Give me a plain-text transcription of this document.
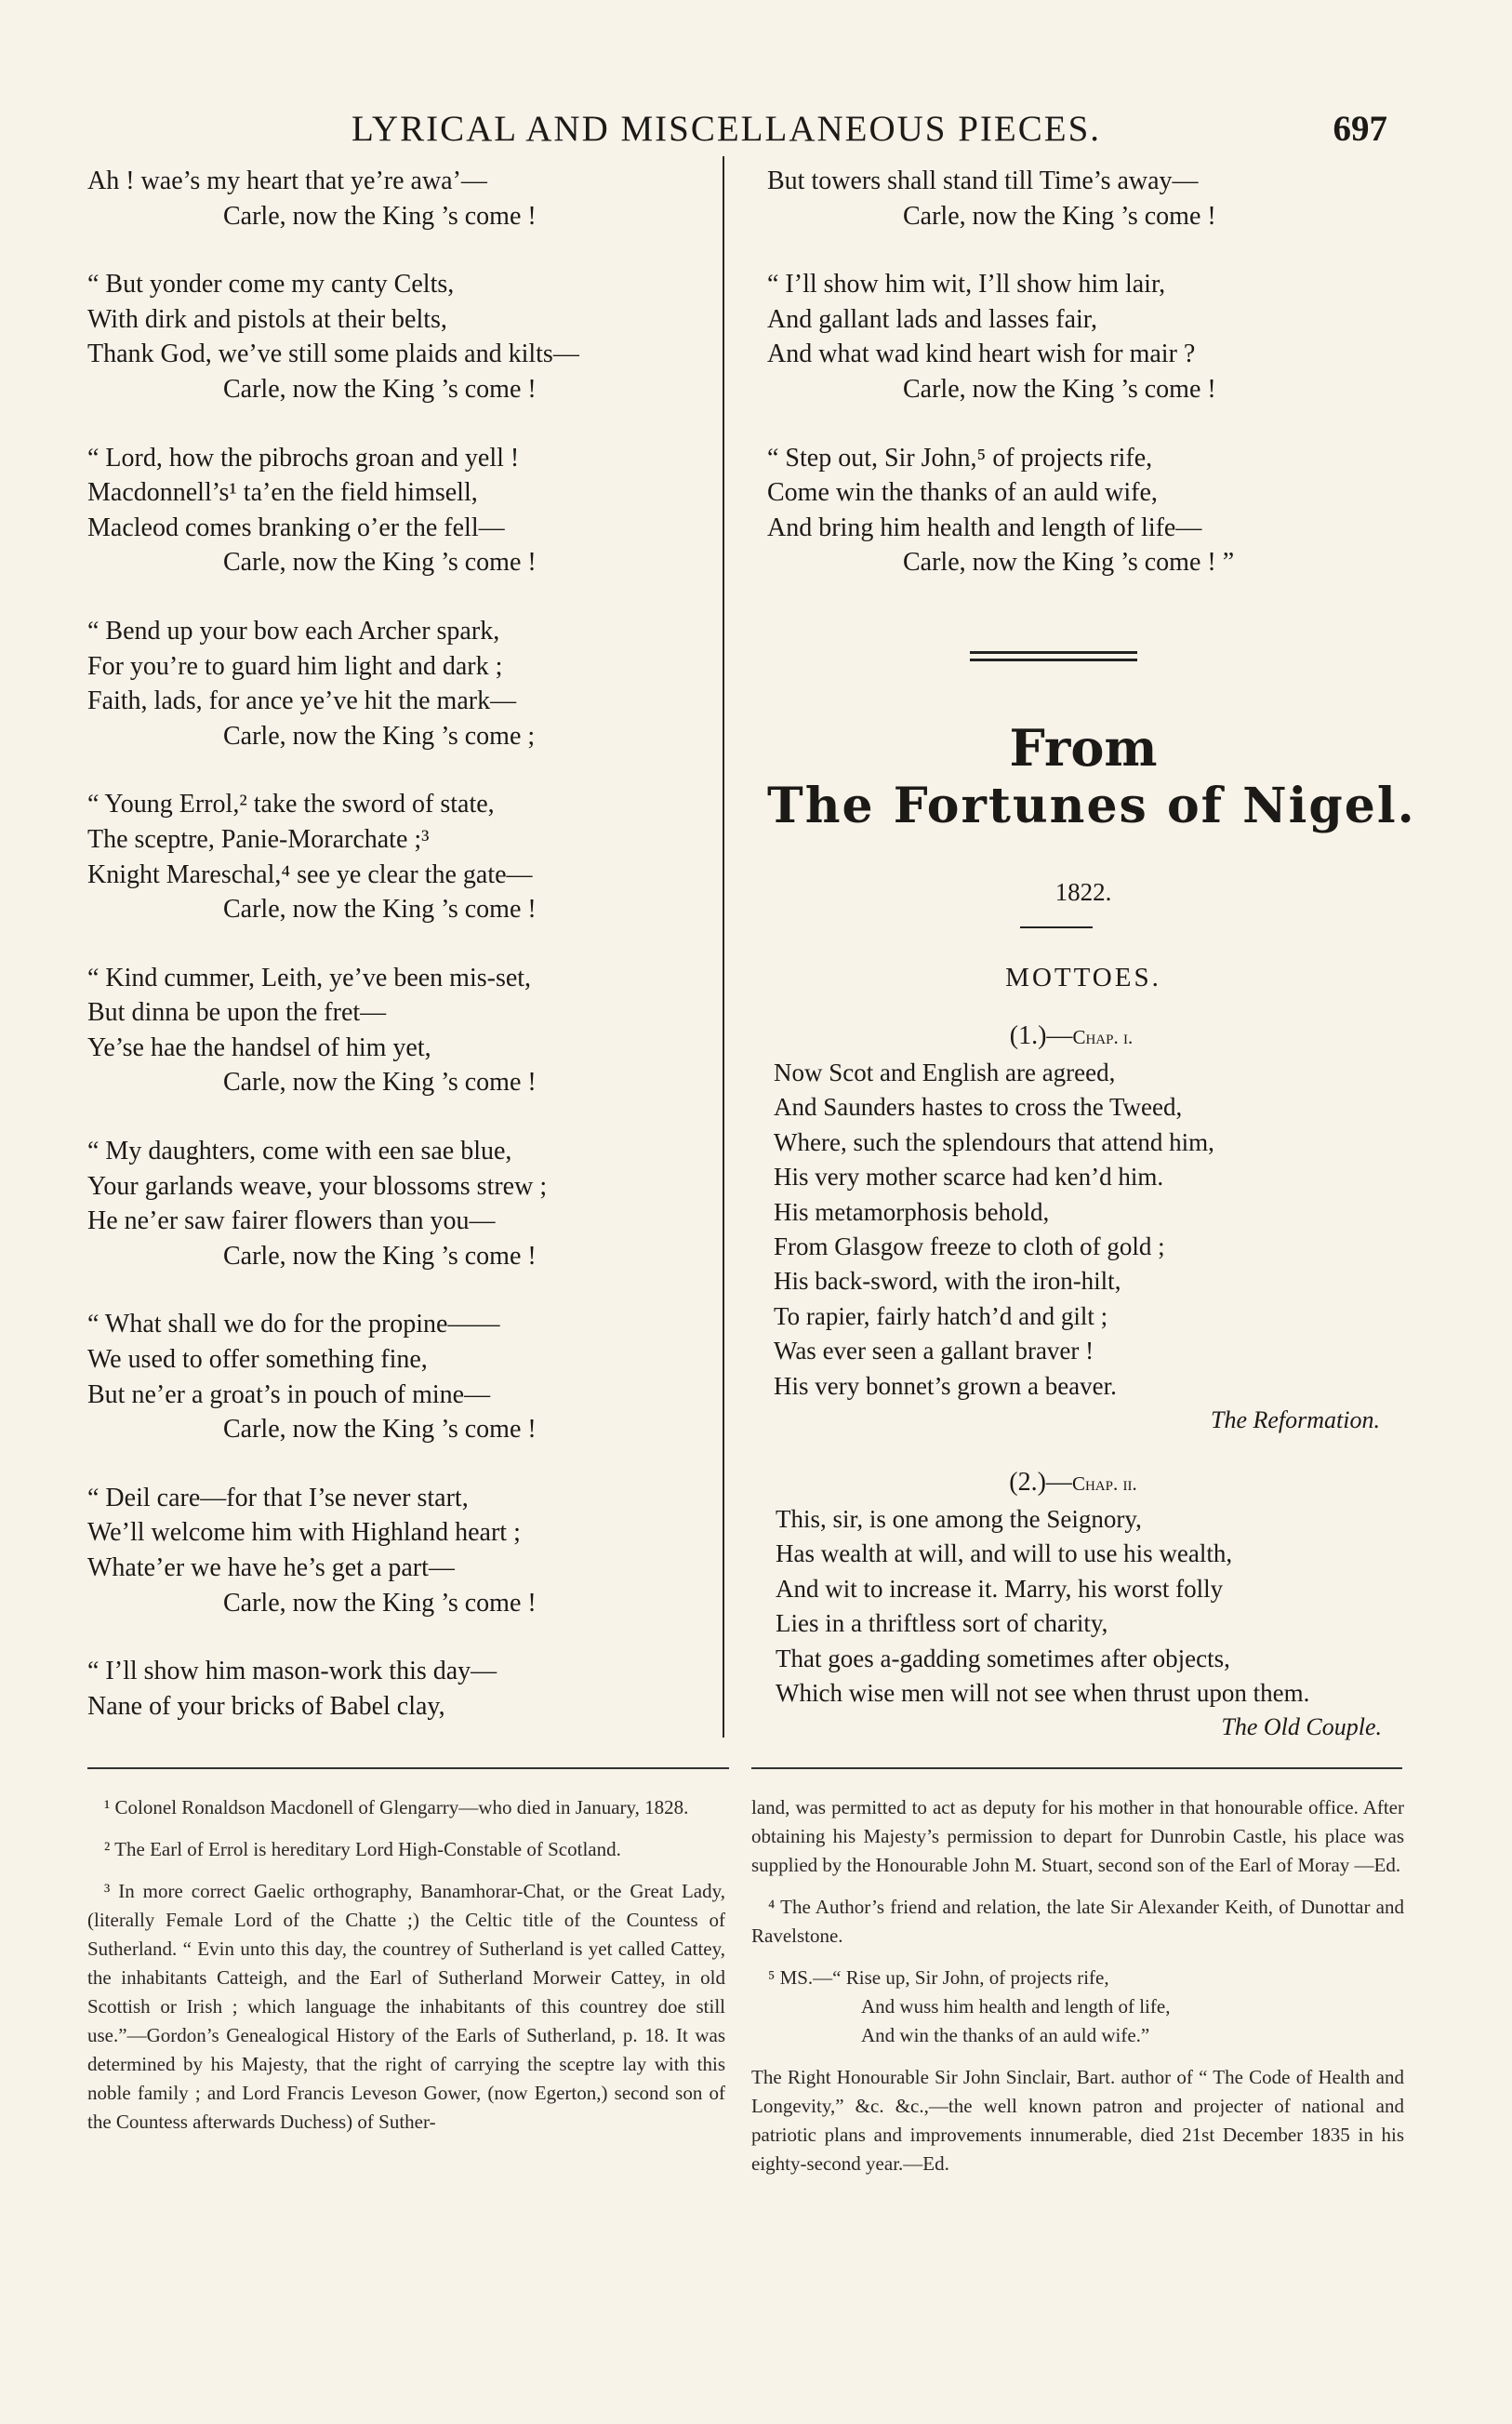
LYRICAL AND MISCELLANEOUS PIECES.	697
Ah ! wae’s my heart that ye’re awa’—
Carle, now the King ’s come !
“ But yonder come my canty Celts,
With dirk and pistols at their belts,
Thank God, we’ve still some plaids and kilts—
Carle, now the King ’s come !
“ Lord, how the pibrochs groan and yell !
Macdonnell’s¹ ta’en the field himsell,
Macleod comes branking o’er the fell—
Carle, now the King ’s come !
“ Bend up your bow each Archer spark,
For you’re to guard him light and dark ;
Faith, lads, for ance ye’ve hit the mark—
Carle, now the King ’s come ;
“ Young Errol,² take the sword of state,
The sceptre, Panie-Morarchate ;³
Knight Mareschal,⁴ see ye clear the gate—
Carle, now the King ’s come !
“ Kind cummer, Leith, ye’ve been mis-set,
But dinna be upon the fret—
Ye’se hae the handsel of him yet,
Carle, now the King ’s come !
“ My daughters, come with een sae blue,
Your garlands weave, your blossoms strew ;
He ne’er saw fairer flowers than you—
Carle, now the King ’s come !
“ What shall we do for the propine——
We used to offer something fine,
But ne’er a groat’s in pouch of mine—
Carle, now the King ’s come !
“ Deil care—for that I’se never start,
We’ll welcome him with Highland heart ;
Whate’er we have he’s get a part—
Carle, now the King ’s come !
“ I’ll show him mason-work this day—
Nane of your bricks of Babel clay,
But towers shall stand till Time’s away—
Carle, now the King ’s come !
“ I’ll show him wit, I’ll show him lair,
And gallant lads and lasses fair,
And what wad kind heart wish for mair ?
Carle, now the King ’s come !
“ Step out, Sir John,⁵ of projects rife,
Come win the thanks of an auld wife,
And bring him health and length of life—
Carle, now the King ’s come ! ”
From
The Fortunes of Nigel.
1822.
MOTTOES.
(1.)—Chap. i.
Now Scot and English are agreed,
And Saunders hastes to cross the Tweed,
Where, such the splendours that attend him,
His very mother scarce had ken’d him.
His metamorphosis behold,
From Glasgow freeze to cloth of gold ;
His back-sword, with the iron-hilt,
To rapier, fairly hatch’d and gilt ;
Was ever seen a gallant braver !
His very bonnet’s grown a beaver.
The Reformation.
(2.)—Chap. ii.
This, sir, is one among the Seignory,
Has wealth at will, and will to use his wealth,
And wit to increase it. Marry, his worst folly
Lies in a thriftless sort of charity,
That goes a-gadding sometimes after objects,
Which wise men will not see when thrust upon them.
The Old Couple.

¹ Colonel Ronaldson Macdonell of Glengarry—who died in January, 1828.

² The Earl of Errol is hereditary Lord High-Constable of Scotland.

³ In more correct Gaelic orthography, Banamhorar-Chat, or the Great Lady, (literally Female Lord of the Chatte ;) the Celtic title of the Countess of Sutherland. “ Evin unto this day, the countrey of Sutherland is yet called Cattey, the inhabitants Catteigh, and the Earl of Sutherland Morweir Cattey, in old Scottish or Irish ; which language the inhabitants of this countrey doe still use.”—Gordon’s Genealogical History of the Earls of Sutherland, p. 18. It was determined by his Majesty, that the right of carrying the sceptre lay with this noble family ; and Lord Francis Leveson Gower, (now Egerton,) second son of the Countess afterwards Duchess) of Suther-

land, was permitted to act as deputy for his mother in that honourable office. After obtaining his Majesty’s permission to depart for Dunrobin Castle, his place was supplied by the Honourable John M. Stuart, second son of the Earl of Moray —Ed.

⁴ The Author’s friend and relation, the late Sir Alexander Keith, of Dunottar and Ravelstone.

⁵ MS.—“ Rise up, Sir John, of projects rife,
And wuss him health and length of life,
And win the thanks of an auld wife.”

The Right Honourable Sir John Sinclair, Bart. author of “ The Code of Health and Longevity,” &c. &c.,—the well known patron and projecter of national and patriotic plans and improvements innumerable, died 21st December 1835 in his eighty-second year.—Ed.
